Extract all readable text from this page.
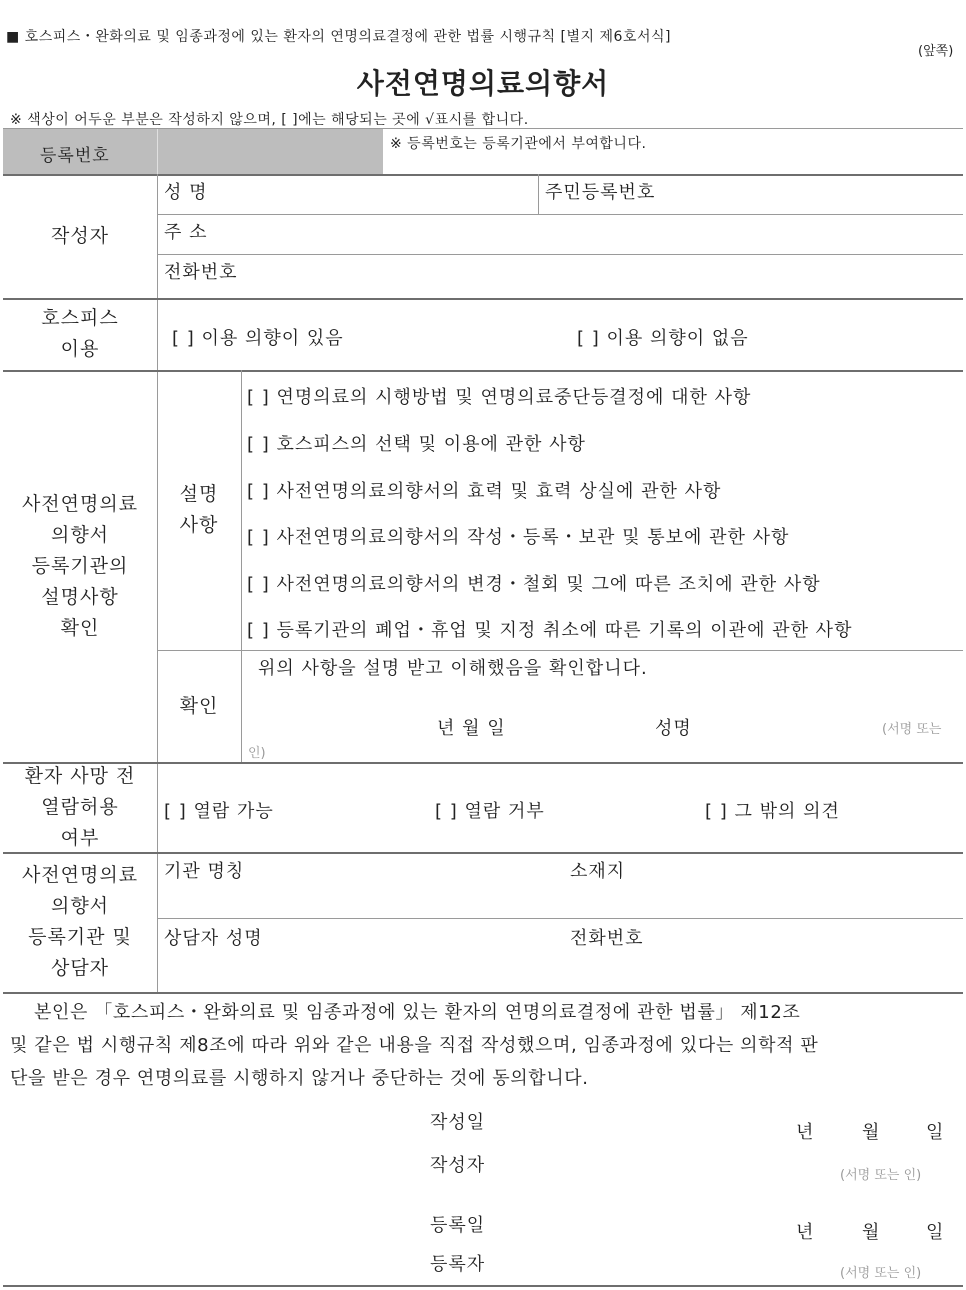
■ 호스피스・완화의료 및 임종과정에 있는 환자의 연명의료결정에 관한 법률 시행규칙 [별지 제6호서식]
(앞쪽)
사전연명의료의향서
※ 색상이 어두운 부분은 작성하지 않으며, [ ]에는 해당되는 곳에 √표시를 합니다.
등록번호
※ 등록번호는 등록기관에서 부여합니다.
작성자
성 명	주민등록번호
주 소
전화번호
호스피스
이용	[ ] 이용 의향이 있음	[ ] 이용 의향이 없음
사전연명의료
의향서
등록기관의
설명사항
확인
설명
사항
[ ] 연명의료의 시행방법 및 연명의료중단등결정에 대한 사항
[ ] 호스피스의 선택 및 이용에 관한 사항
[ ] 사전연명의료의향서의 효력 및 효력 상실에 관한 사항
[ ] 사전연명의료의향서의 작성・등록・보관 및 통보에 관한 사항
[ ] 사전연명의료의향서의 변경・철회 및 그에 따른 조치에 관한 사항
[ ] 등록기관의 폐업・휴업 및 지정 취소에 따른 기록의 이관에 관한 사항
확인
위의 사항을 설명 받고 이해했음을 확인합니다.
년 월 일	성명	(서명 또는
인)
환자 사망 전
열람허용
여부
[ ] 열람 가능	[ ] 열람 거부	[ ] 그 밖의 의견
사전연명의료
의향서
등록기관 및
상담자
기관 명칭	소재지
상담자 성명	전화번호
본인은 「호스피스・완화의료 및 임종과정에 있는 환자의 연명의료결정에 관한 법률」 제12조
및 같은 법 시행규칙 제8조에 따라 위와 같은 내용을 직접 작성했으며, 임종과정에 있다는 의학적 판
단을 받은 경우 연명의료를 시행하지 않거나 중단하는 것에 동의합니다.
작성일	년	월	일
작성자	(서명 또는 인)
등록일	년	월	일
등록자	(서명 또는 인)
